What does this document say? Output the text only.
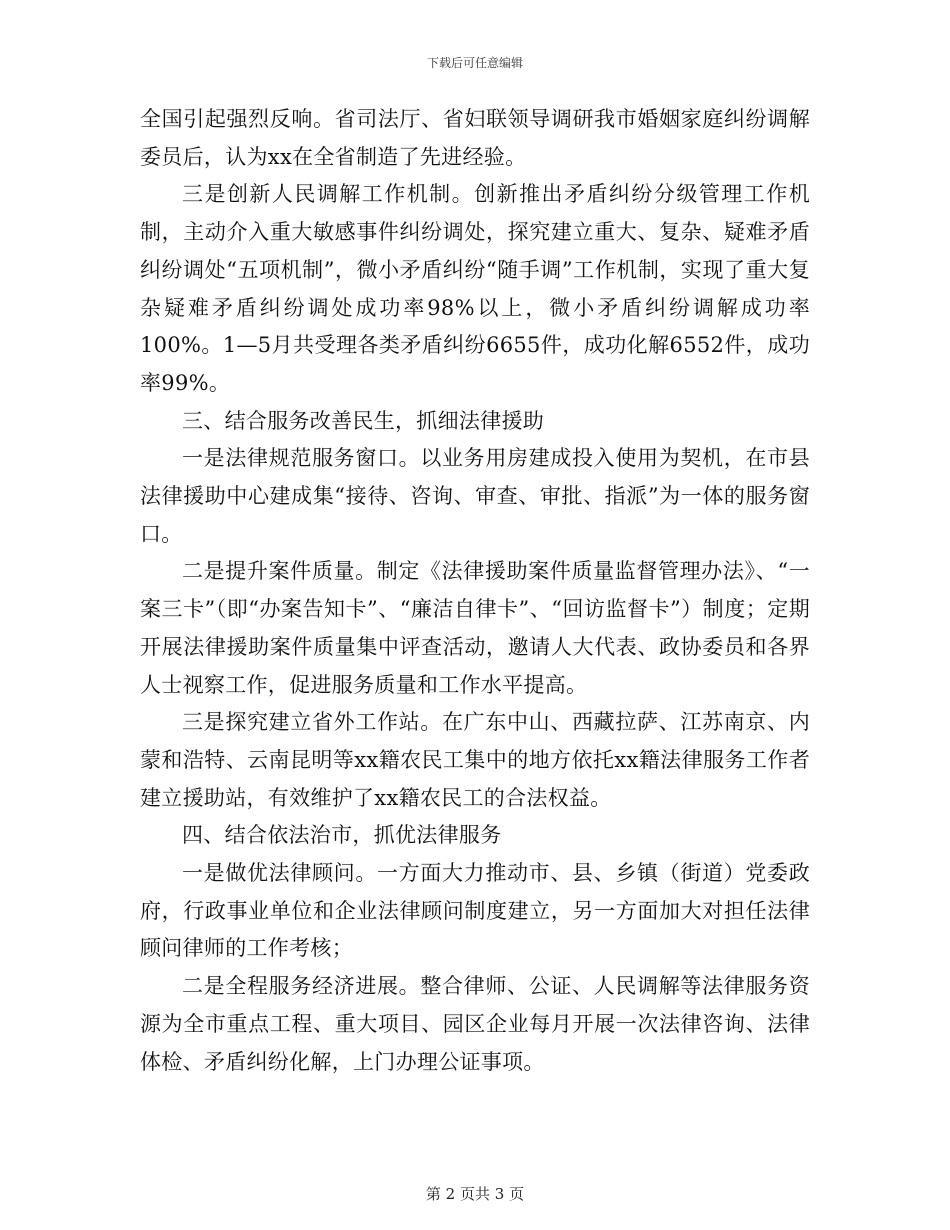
下载后可任意编辑

全国引起强烈反响。省司法厅、省妇联领导调研我市婚姻家庭纠纷调解委员后，认为xx在全省制造了先进经验。

三是创新人民调解工作机制。创新推出矛盾纠纷分级管理工作机制，主动介入重大敏感事件纠纷调处，探究建立重大、复杂、疑难矛盾纠纷调处“五项机制”，微小矛盾纠纷“随手调”工作机制，实现了重大复杂疑难矛盾纠纷调处成功率98%以上，微小矛盾纠纷调解成功率100%。1—5月共受理各类矛盾纠纷6655件，成功化解6552件，成功率99%。

三、结合服务改善民生，抓细法律援助

一是法律规范服务窗口。以业务用房建成投入使用为契机，在市县法律援助中心建成集“接待、咨询、审查、审批、指派”为一体的服务窗口。

二是提升案件质量。制定《法律援助案件质量监督管理办法》、“一案三卡”（即“办案告知卡”、“廉洁自律卡”、“回访监督卡”）制度；定期开展法律援助案件质量集中评查活动，邀请人大代表、政协委员和各界人士视察工作，促进服务质量和工作水平提高。

三是探究建立省外工作站。在广东中山、西藏拉萨、江苏南京、内蒙和浩特、云南昆明等xx籍农民工集中的地方依托xx籍法律服务工作者建立援助站，有效维护了xx籍农民工的合法权益。

四、结合依法治市，抓优法律服务

一是做优法律顾问。一方面大力推动市、县、乡镇（街道）党委政府，行政事业单位和企业法律顾问制度建立，另一方面加大对担任法律顾问律师的工作考核；

二是全程服务经济进展。整合律师、公证、人民调解等法律服务资源为全市重点工程、重大项目、园区企业每月开展一次法律咨询、法律体检、矛盾纠纷化解，上门办理公证事项。

第 2 页共 3 页
